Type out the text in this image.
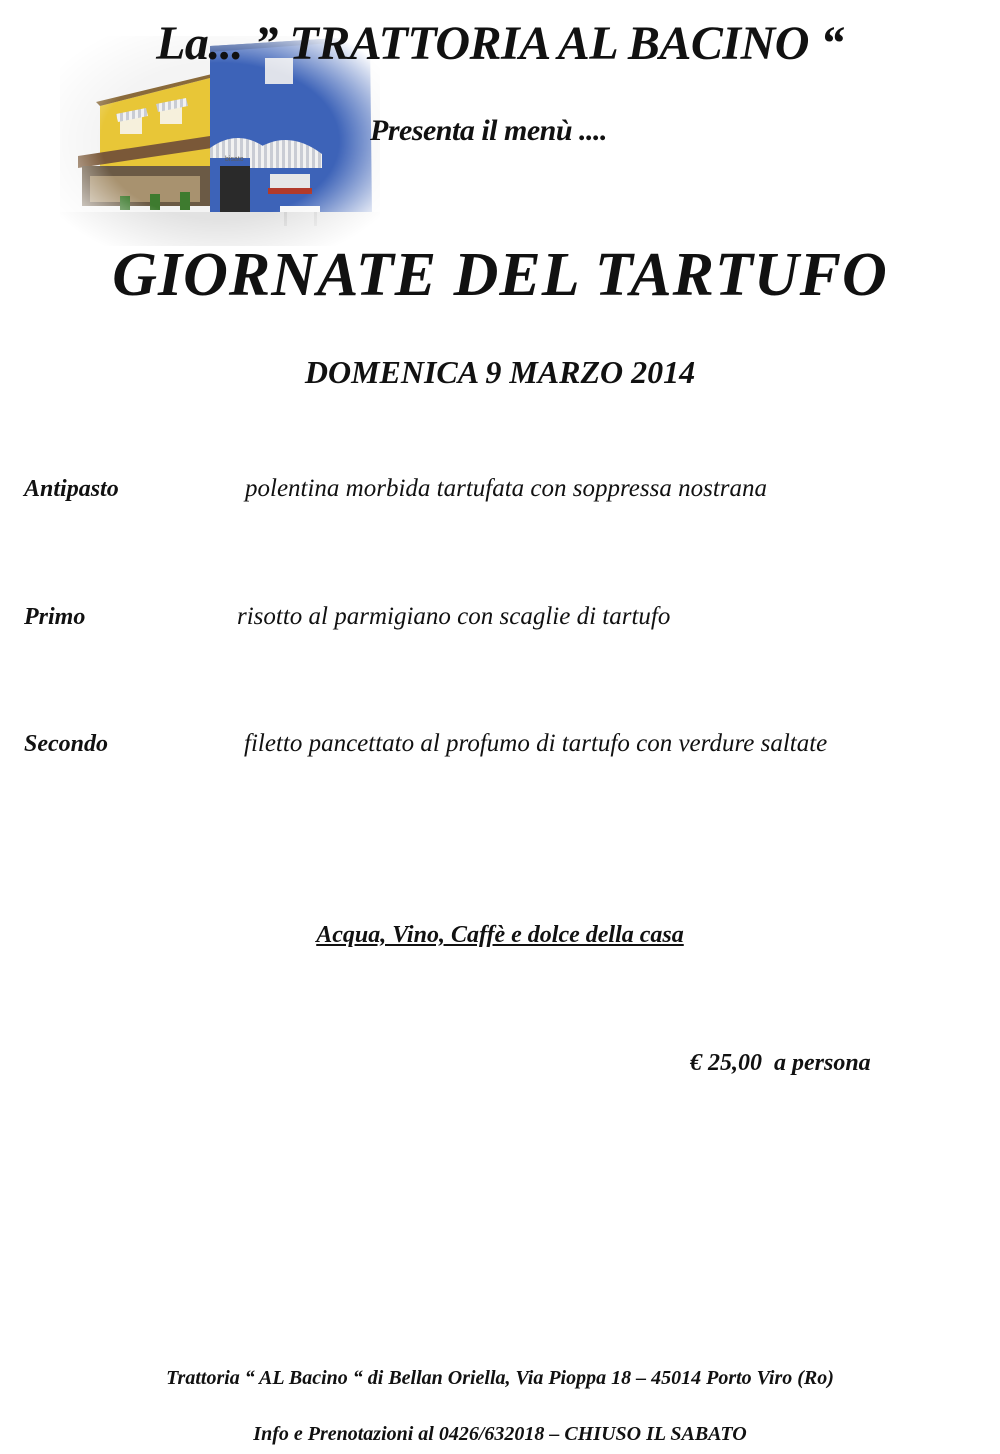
bisato
La... ” TRATTORIA AL BACINO “
Presenta il menù ....
GIORNATE DEL TARTUFO
DOMENICA 9 MARZO 2014
Antipasto	polentina morbida tartufata con soppressa nostrana
Primo	risotto al parmigiano con scaglie di tartufo
Secondo	filetto pancettato al profumo di tartufo con verdure saltate
Acqua, Vino, Caffè e dolce della casa
€ 25,00  a persona
Trattoria “ AL Bacino “ di Bellan Oriella, Via Pioppa 18 – 45014 Porto Viro (Ro)
Info e Prenotazioni al 0426/632018 – CHIUSO IL SABATO
